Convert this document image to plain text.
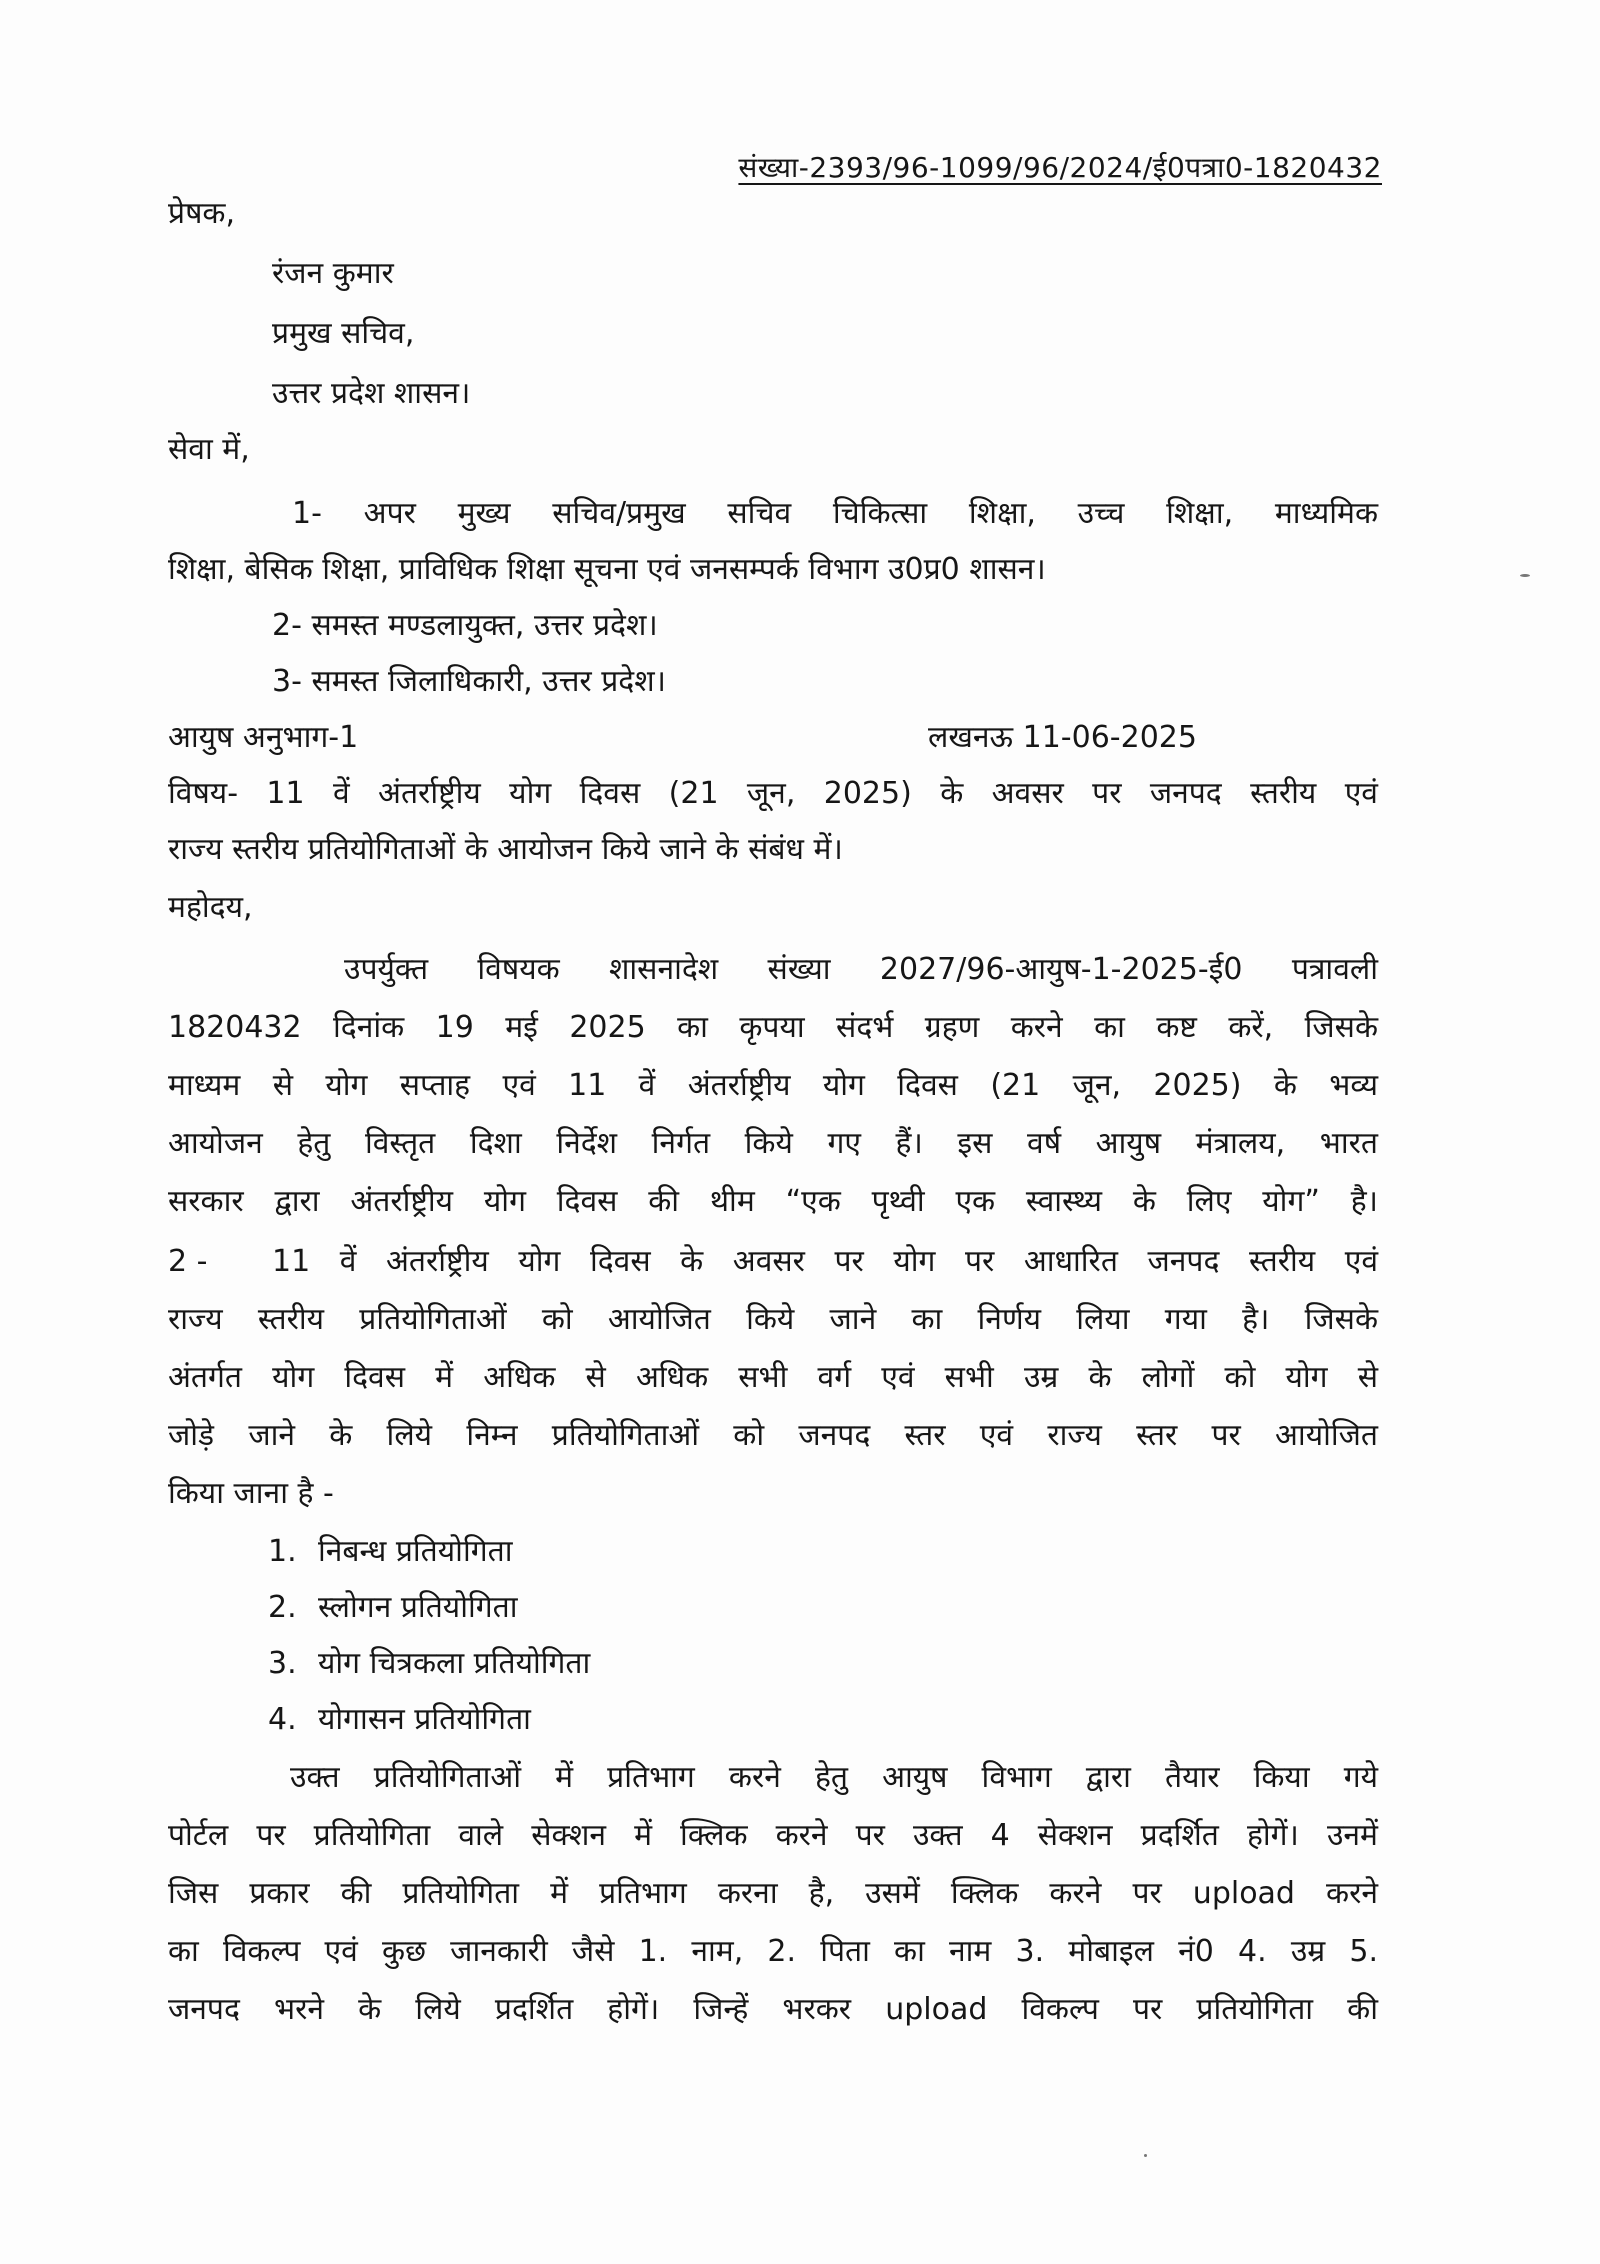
संख्या-2393/96-1099/96/2024/ई0पत्रा0-1820432
प्रेषक,
रंजन कुमार
प्रमुख सचिव,
उत्तर प्रदेश शासन।
सेवा में,
1- अपर मुख्य सचिव/प्रमुख सचिव चिकित्सा शिक्षा, उच्च शिक्षा, माध्यमिक
शिक्षा, बेसिक शिक्षा, प्राविधिक शिक्षा सूचना एवं जनसम्पर्क विभाग उ0प्र0 शासन।
2- समस्त मण्डलायुक्त, उत्तर प्रदेश।
3- समस्त जिलाधिकारी, उत्तर प्रदेश।
आयुष अनुभाग-1	लखनऊ 11-06-2025
विषय- 11 वें अंतर्राष्ट्रीय योग दिवस (21 जून, 2025) के अवसर पर जनपद स्तरीय एवं
राज्य स्तरीय प्रतियोगिताओं के आयोजन किये जाने के संबंध में।
महोदय,
उपर्युक्त विषयक शासनादेश संख्या 2027/96-आयुष-1-2025-ई0 पत्रावली
1820432 दिनांक 19 मई 2025 का कृपया संदर्भ ग्रहण करने का कष्ट करें, जिसके
माध्यम से योग सप्ताह एवं 11 वें अंतर्राष्ट्रीय योग दिवस (21 जून, 2025) के भव्य
आयोजन हेतु विस्तृत दिशा निर्देश निर्गत किये गए हैं। इस वर्ष आयुष मंत्रालय, भारत
सरकार द्वारा अंतर्राष्ट्रीय योग दिवस की थीम “एक पृथ्वी एक स्वास्थ्य के लिए योग” है।
2 - 11 वें अंतर्राष्ट्रीय योग दिवस के अवसर पर योग पर आधारित जनपद स्तरीय एवं
राज्य स्तरीय प्रतियोगिताओं को आयोजित किये जाने का निर्णय लिया गया है। जिसके
अंतर्गत योग दिवस में अधिक से अधिक सभी वर्ग एवं सभी उम्र के लोगों को योग से
जोड़े जाने के लिये निम्न प्रतियोगिताओं को जनपद स्तर एवं राज्य स्तर पर आयोजित
किया जाना है -
1. निबन्ध प्रतियोगिता
2. स्लोगन प्रतियोगिता
3. योग चित्रकला प्रतियोगिता
4. योगासन प्रतियोगिता
उक्त प्रतियोगिताओं में प्रतिभाग करने हेतु आयुष विभाग द्वारा तैयार किया गये
पोर्टल पर प्रतियोगिता वाले सेक्शन में क्लिक करने पर उक्त 4 सेक्शन प्रदर्शित होगें। उनमें
जिस प्रकार की प्रतियोगिता में प्रतिभाग करना है, उसमें क्लिक करने पर upload करने
का विकल्प एवं कुछ जानकारी जैसे 1. नाम, 2. पिता का नाम 3. मोबाइल नं0 4. उम्र 5.
जनपद भरने के लिये प्रदर्शित होगें। जिन्हें भरकर upload विकल्प पर प्रतियोगिता की
